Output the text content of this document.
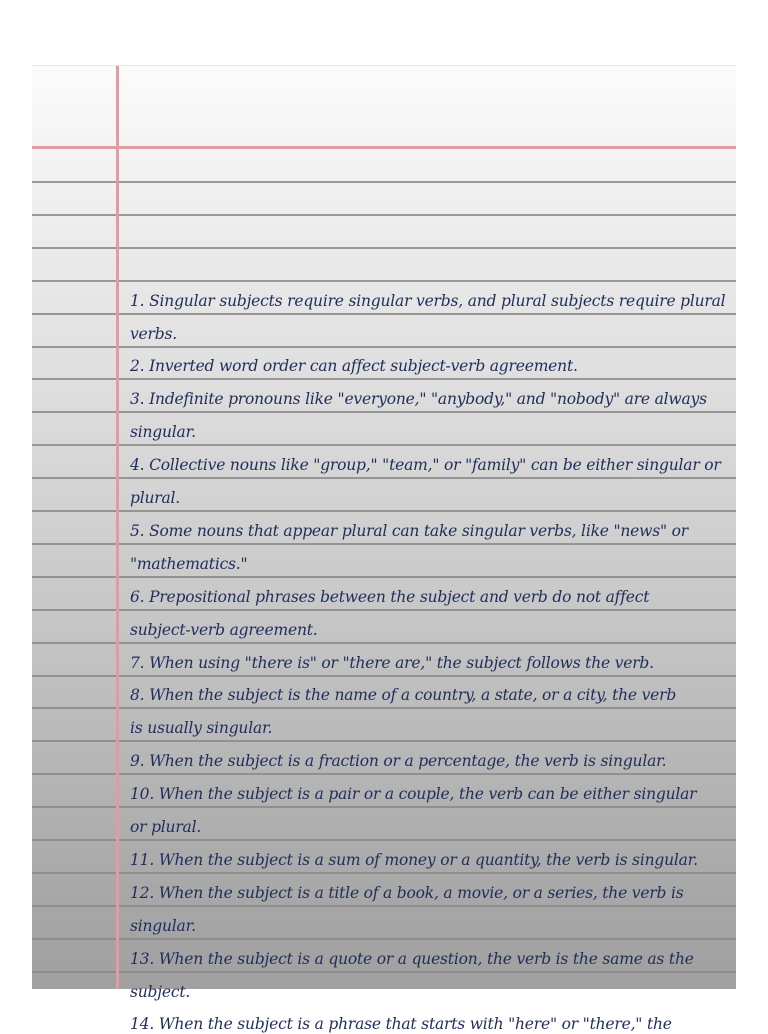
1. Singular subjects require singular verbs, and plural subjects require plural
verbs.
2. Inverted word order can affect subject-verb agreement.
3. Indefinite pronouns like "everyone," "anybody," and "nobody" are always
singular.
4. Collective nouns like "group," "team," or "family" can be either singular or
plural.
5. Some nouns that appear plural can take singular verbs, like "news" or
"mathematics."
6. Prepositional phrases between the subject and verb do not affect
subject-verb agreement.
7. When using "there is" or "there are," the subject follows the verb.
8. When the subject is the name of a country, a state, or a city, the verb
is usually singular.
9. When the subject is a fraction or a percentage, the verb is singular.
10. When the subject is a pair or a couple, the verb can be either singular
or plural.
11. When the subject is a sum of money or a quantity, the verb is singular.
12. When the subject is a title of a book, a movie, or a series, the verb is
singular.
13. When the subject is a quote or a question, the verb is the same as the
subject.
14. When the subject is a phrase that starts with "here" or "there," the
